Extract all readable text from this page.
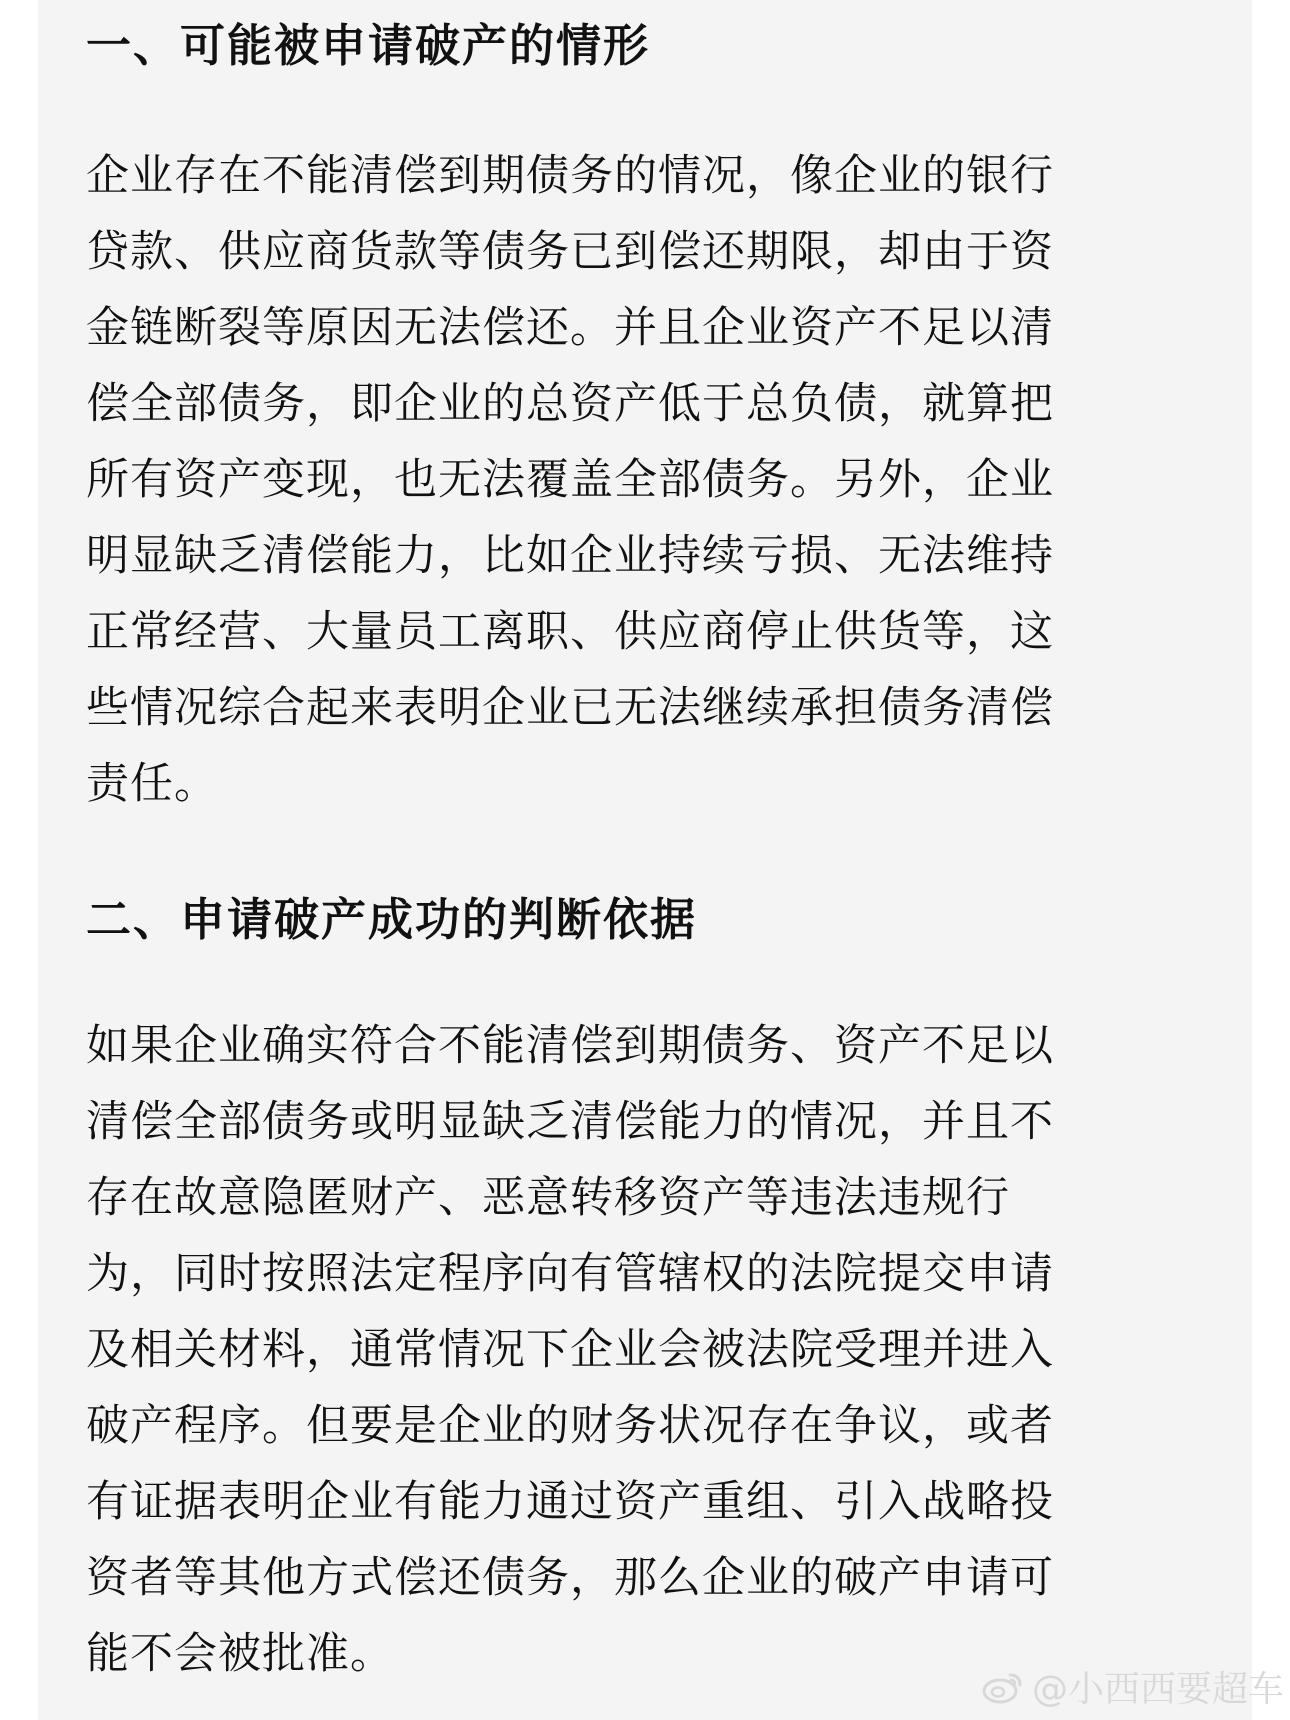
一、可能被申请破产的情形
企业存在不能清偿到期债务的情况，像企业的银行
贷款、供应商货款等债务已到偿还期限，却由于资
金链断裂等原因无法偿还。并且企业资产不足以清
偿全部债务，即企业的总资产低于总负债，就算把
所有资产变现，也无法覆盖全部债务。另外，企业
明显缺乏清偿能力，比如企业持续亏损、无法维持
正常经营、大量员工离职、供应商停止供货等，这
些情况综合起来表明企业已无法继续承担债务清偿
责任。
二、申请破产成功的判断依据
如果企业确实符合不能清偿到期债务、资产不足以
清偿全部债务或明显缺乏清偿能力的情况，并且不
存在故意隐匿财产、恶意转移资产等违法违规行
为，同时按照法定程序向有管辖权的法院提交申请
及相关材料，通常情况下企业会被法院受理并进入
破产程序。但要是企业的财务状况存在争议，或者
有证据表明企业有能力通过资产重组、引入战略投
资者等其他方式偿还债务，那么企业的破产申请可
能不会被批准。
@小西西要超车
